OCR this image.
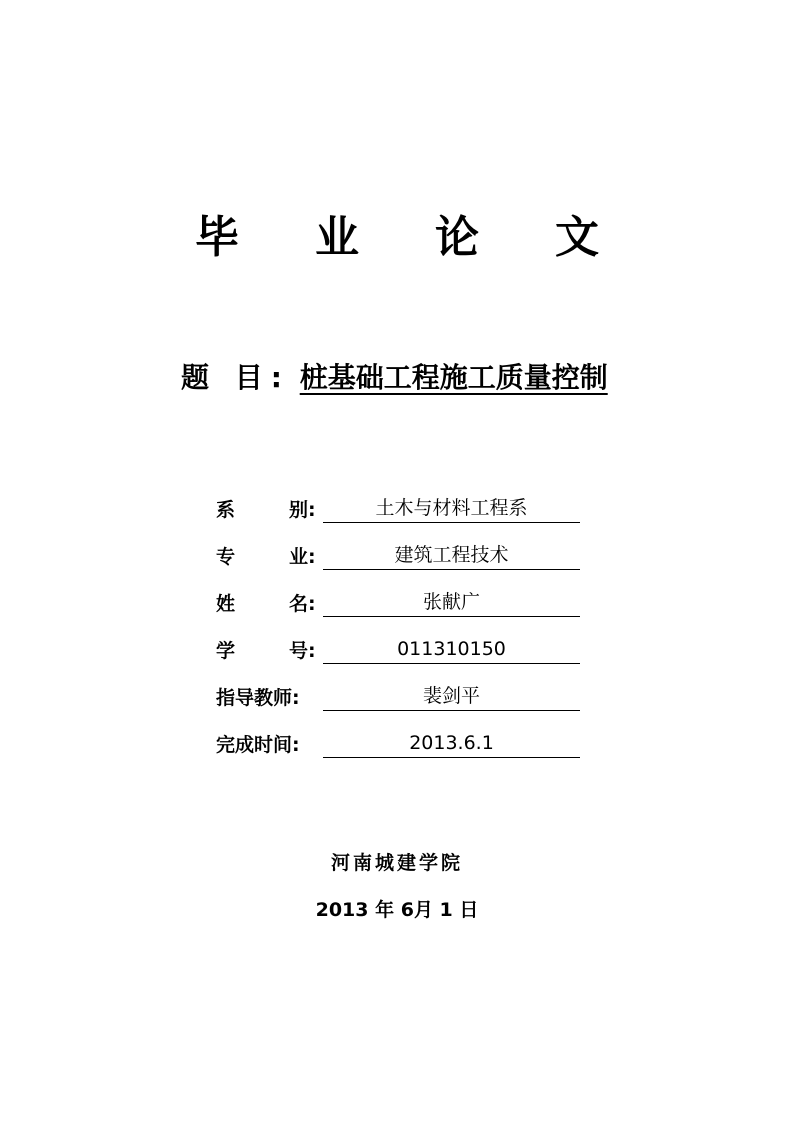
毕	业	论	文
题 目: 桩基础工程施工质量控制
系	别 :	土木与材料工程系
专	业 :	建筑工程技术
姓	名 :	张献广
学	号 :	011310150
指导教师:	裴剑平
完成时间:	2013.6.1
河南城建学院
2013 年 6月 1 日
